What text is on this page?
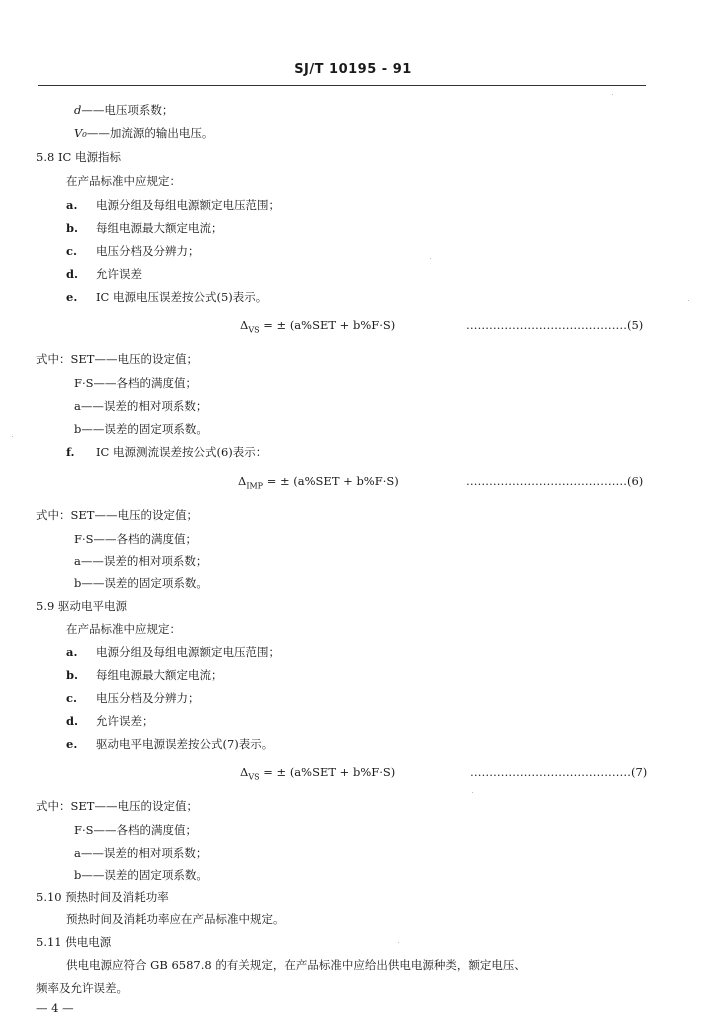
SJ/T 10195 - 91
d——电压项系数；
V₀——加流源的输出电压。
5.8 IC 电源指标
在产品标准中应规定：
a. 电源分组及每组电源额定电压范围；
b. 每组电源最大额定电流；
c. 电压分档及分辨力；
d. 允许误差
e. IC 电源电压误差按公式(5)表示。
$\Delta_{VS}$ = ± (a%SET + b%F·S)	……………………………………(5)
式中：SET——电压的设定值；
F·S——各档的满度值；
a——误差的相对项系数；
b——误差的固定项系数。
f. IC 电源测流误差按公式(6)表示：
$\Delta_{IMP}$ = ± (a%SET + b%F·S)	……………………………………(6)
式中：SET——电压的设定值；
F·S——各档的满度值；
a——误差的相对项系数；
b——误差的固定项系数。
5.9 驱动电平电源
在产品标准中应规定：
a. 电源分组及每组电源额定电压范围；
b. 每组电源最大额定电流；
c. 电压分档及分辨力；
d. 允许误差；
e. 驱动电平电源误差按公式(7)表示。
$\Delta_{VS}$ = ± (a%SET + b%F·S)	……………………………………(7)
式中：SET——电压的设定值；
F·S——各档的满度值；
a——误差的相对项系数；
b——误差的固定项系数。
5.10 预热时间及消耗功率
预热时间及消耗功率应在产品标准中规定。
5.11 供电电源
供电电源应符合 GB 6587.8 的有关规定，在产品标准中应给出供电电源种类，额定电压、
频率及允许误差。
— 4 —
